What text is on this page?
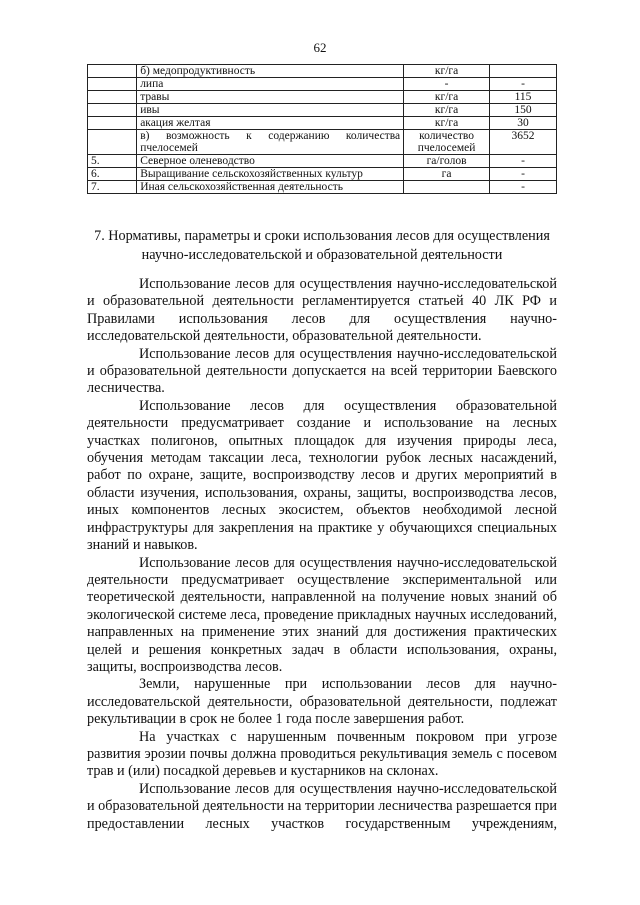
62
	б) медопродуктивность	кг/га	
	липа	-	-
	травы	кг/га	115
	ивы	кг/га	150
	акация желтая	кг/га	30
	в) возможность к содержанию количества пчелосемей	количество пчелосемей	3652
5.	Северное оленеводство	га/голов	-
6.	Выращивание сельскохозяйственных культур	га	-
7.	Иная сельскохозяйственная деятельность		-
7. Нормативы, параметры и сроки использования лесов для осуществления научно-исследовательской и образовательной деятельности

Использование лесов для осуществления научно-исследовательской и образовательной деятельности регламентируется статьей 40 ЛК РФ и Правилами использования лесов для осуществления научно-исследовательской деятельности, образовательной деятельности.

Использование лесов для осуществления научно-исследовательской и образовательной деятельности допускается на всей территории Баевского лесничества.

Использование лесов для осуществления образовательной деятельности предусматривает создание и использование на лесных участках полигонов, опытных площадок для изучения природы леса, обучения методам таксации леса, технологии рубок лесных насаждений, работ по охране, защите, воспроизводству лесов и других мероприятий в области изучения, использования, охраны, защиты, воспроизводства лесов, иных компонентов лесных экосистем, объектов необходимой лесной инфраструктуры для закрепления на практике у обучающихся специальных знаний и навыков.

Использование лесов для осуществления научно-исследовательской деятельности предусматривает осуществление экспериментальной или теоретической деятельности, направленной на получение новых знаний об экологической системе леса, проведение прикладных научных исследований, направленных на применение этих знаний для достижения практических целей и решения конкретных задач в области использования, охраны, защиты, воспроизводства лесов.

Земли, нарушенные при использовании лесов для научно-исследовательской деятельности, образовательной деятельности, подлежат рекультивации в срок не более 1 года после завершения работ.

На участках с нарушенным почвенным покровом при угрозе развития эрозии почвы должна проводиться рекультивация земель с посевом трав и (или) посадкой деревьев и кустарников на склонах.

Использование лесов для осуществления научно-исследовательской и образовательной деятельности на территории лесничества разрешается при предоставлении лесных участков государственным учреждениям,
